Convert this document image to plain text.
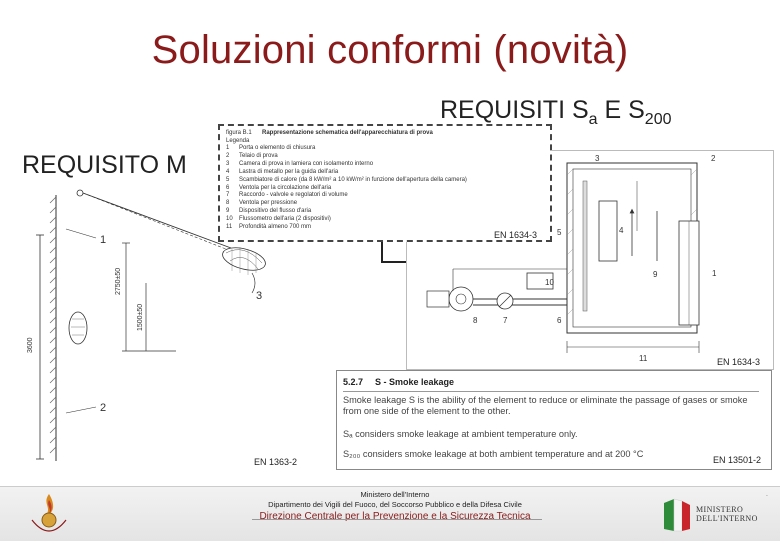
Soluzioni conformi (novità)
REQUISITI $S_a$ E $S_{200}$
3600
2750±50
1500±50
1
3
2
EN 1363-2
2
3
4
5
1
9
10
6
7
8
11	EN 1634-3
figura B.1	Rappresentazione schematica dell'apparecchiatura di prova
Legenda
1	Porta o elemento di chiusura
2	Telaio di prova
3	Camera di prova in lamiera con isolamento interno
4	Lastra di metallo per la guida dell'aria
5	Scambiatore di calore (da 8 kW/m² a 10 kW/m² in funzione dell'apertura della camera)
6	Ventola per la circolazione dell'aria
7	Raccordo - valvole e regolatori di volume
8	Ventola per pressione
9	Dispositivo del flusso d'aria
10	Flussometro dell'aria (2 dispositivi)
11	Profondità almeno 700 mm
EN 1634-3
REQUISITO M
5.2.7 S - Smoke leakage
Smoke leakage S is the ability of the element to reduce or eliminate the passage of gases or smoke
from one side of the element to the other.
Sₐ considers smoke leakage at ambient temperature only.
S₂₀₀ considers smoke leakage at both ambient temperature and at 200 °C
EN 13501-2
.
Ministero dell'Interno
Dipartimento dei Vigili del Fuoco, del Soccorso Pubblico e della Difesa Civile
Direzione Centrale per la Prevenzione e la Sicurezza Tecnica
MINISTERO
DELL'INTERNO
